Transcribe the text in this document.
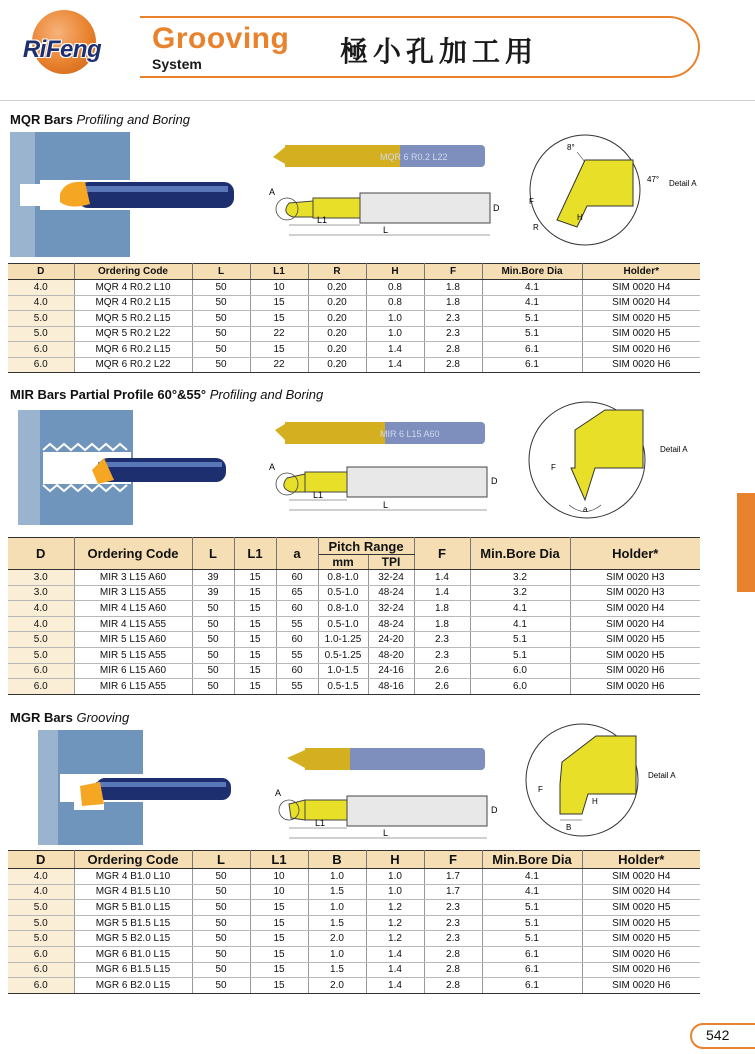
RiFeng	Grooving
System	極小孔加工用
MQR Bars Profiling and Boring
MQR 6 R0.2 L22
A
L1
L
D
8°
47° Detail A
F
H
R
D	Ordering Code	L	L1	R	H	F	Min.Bore Dia	Holder*
4.0	MQR 4 R0.2 L10	50	10	0.20	0.8	1.8	4.1	SIM 0020 H4
4.0	MQR 4 R0.2 L15	50	15	0.20	0.8	1.8	4.1	SIM 0020 H4
5.0	MQR 5 R0.2 L15	50	15	0.20	1.0	2.3	5.1	SIM 0020 H5
5.0	MQR 5 R0.2 L22	50	22	0.20	1.0	2.3	5.1	SIM 0020 H5
6.0	MQR 6 R0.2 L15	50	15	0.20	1.4	2.8	6.1	SIM 0020 H6
6.0	MQR 6 R0.2 L22	50	22	0.20	1.4	2.8	6.1	SIM 0020 H6
MIR Bars Partial Profile 60°&55° Profiling and Boring
MIR 6 L15 A60
A
L1
L
D
Detail A
F
a
D	Ordering Code	L	L1	a	Pitch Range		F	Min.Bore Dia	Holder*
					mm	TPI			
3.0	MIR 3 L15 A60	39	15	60	0.8-1.0	32-24	1.4	3.2	SIM 0020 H3
3.0	MIR 3 L15 A55	39	15	65	0.5-1.0	48-24	1.4	3.2	SIM 0020 H3
4.0	MIR 4 L15 A60	50	15	60	0.8-1.0	32-24	1.8	4.1	SIM 0020 H4
4.0	MIR 4 L15 A55	50	15	55	0.5-1.0	48-24	1.8	4.1	SIM 0020 H4
5.0	MIR 5 L15 A60	50	15	60	1.0-1.25	24-20	2.3	5.1	SIM 0020 H5
5.0	MIR 5 L15 A55	50	15	55	0.5-1.25	48-20	2.3	5.1	SIM 0020 H5
6.0	MIR 6 L15 A60	50	15	60	1.0-1.5	24-16	2.6	6.0	SIM 0020 H6
6.0	MIR 6 L15 A55	50	15	55	0.5-1.5	48-16	2.6	6.0	SIM 0020 H6
MGR Bars Grooving
A
L1
L
D
Detail A
F
H
B
D	Ordering Code	L	L1	B	H	F	Min.Bore Dia	Holder*
4.0	MGR 4 B1.0 L10	50	10	1.0	1.0	1.7	4.1	SIM 0020 H4
4.0	MGR 4 B1.5 L10	50	10	1.5	1.0	1.7	4.1	SIM 0020 H4
5.0	MGR 5 B1.0 L15	50	15	1.0	1.2	2.3	5.1	SIM 0020 H5
5.0	MGR 5 B1.5 L15	50	15	1.5	1.2	2.3	5.1	SIM 0020 H5
5.0	MGR 5 B2.0 L15	50	15	2.0	1.2	2.3	5.1	SIM 0020 H5
6.0	MGR 6 B1.0 L15	50	15	1.0	1.4	2.8	6.1	SIM 0020 H6
6.0	MGR 6 B1.5 L15	50	15	1.5	1.4	2.8	6.1	SIM 0020 H6
6.0	MGR 6 B2.0 L15	50	15	2.0	1.4	2.8	6.1	SIM 0020 H6
542
